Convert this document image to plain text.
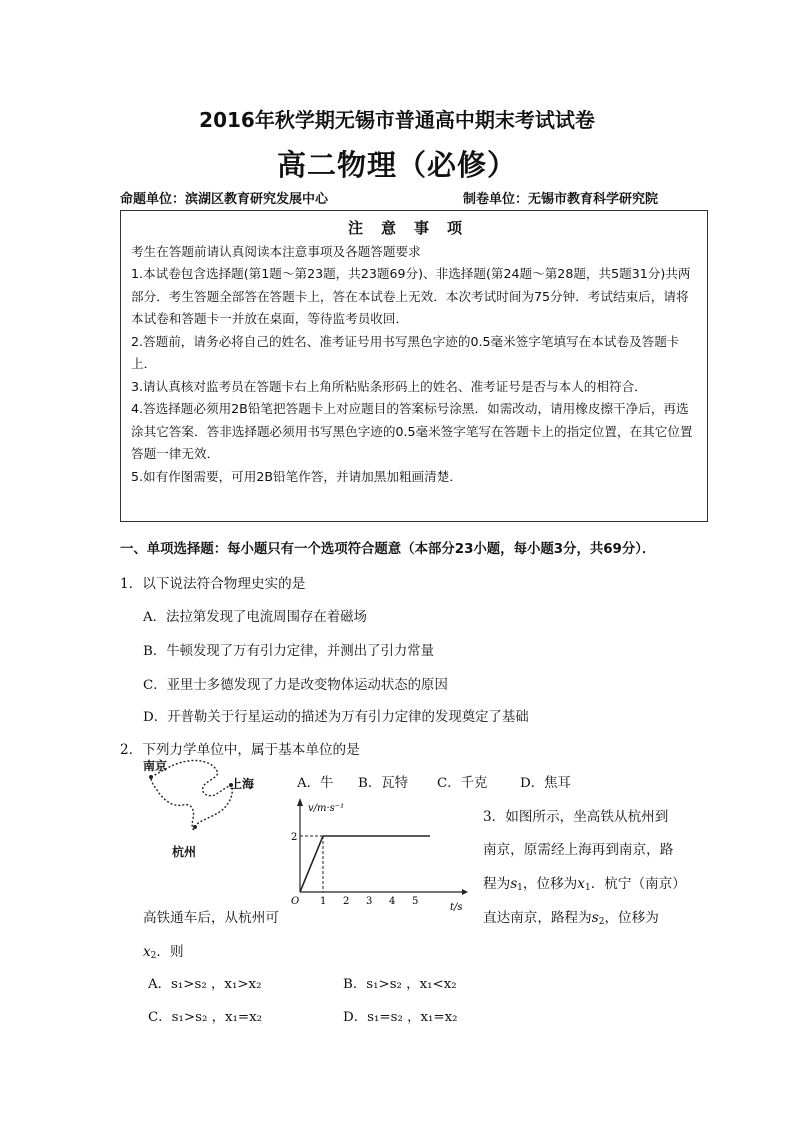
2016年秋学期无锡市普通高中期末考试试卷
高二物理（必修）
命题单位：滨湖区教育研究发展中心	制卷单位：无锡市教育科学研究院
注意事项

考生在答题前请认真阅读本注意事项及各题答题要求

1.本试卷包含选择题(第1题～第23题，共23题69分)、非选择题(第24题～第28题，共5题31分)共两部分．考生答题全部答在答题卡上，答在本试卷上无效．本次考试时间为75分钟．考试结束后，请将本试卷和答题卡一并放在桌面，等待监考员收回．

2.答题前，请务必将自己的姓名、准考证号用书写黑色字迹的0.5毫米签字笔填写在本试卷及答题卡上．

3.请认真核对监考员在答题卡右上角所粘贴条形码上的姓名、准考证号是否与本人的相符合．

4.答选择题必须用2B铅笔把答题卡上对应题目的答案标号涂黑．如需改动，请用橡皮擦干净后，再选涂其它答案．答非选择题必须用书写黑色字迹的0.5毫米签字笔写在答题卡上的指定位置，在其它位置答题一律无效．

5.如有作图需要，可用2B铅笔作答，并请加黑加粗画清楚．

一、单项选择题：每小题只有一个选项符合题意（本部分23小题，每小题3分，共69分）．
1．以下说法符合物理史实的是
A．法拉第发现了电流周围存在着磁场
B．牛顿发现了万有引力定律，并测出了引力常量
C．亚里士多德发现了力是改变物体运动状态的原因
D．开普勒关于行星运动的描述为万有引力定律的发现奠定了基础
2．下列力学单位中，属于基本单位的是
A．牛 B．瓦特 C．千克 D．焦耳
南京
上海
杭州
v/m·s⁻¹
t/s
O
2
1 2 3 4 5
3．如图所示，坐高铁从杭州到
南京，原需经上海再到南京，路
程为$s_1$，位移为$x_1$．杭宁（南京）
高铁通车后，从杭州可	直达南京，路程为$s_2$，位移为
$x_2$．则
A．s₁>s₂ ，x₁>x₂	B．s₁>s₂ ，x₁<x₂
C．s₁>s₂ ，x₁=x₂	D．s₁=s₂ ，x₁=x₂
